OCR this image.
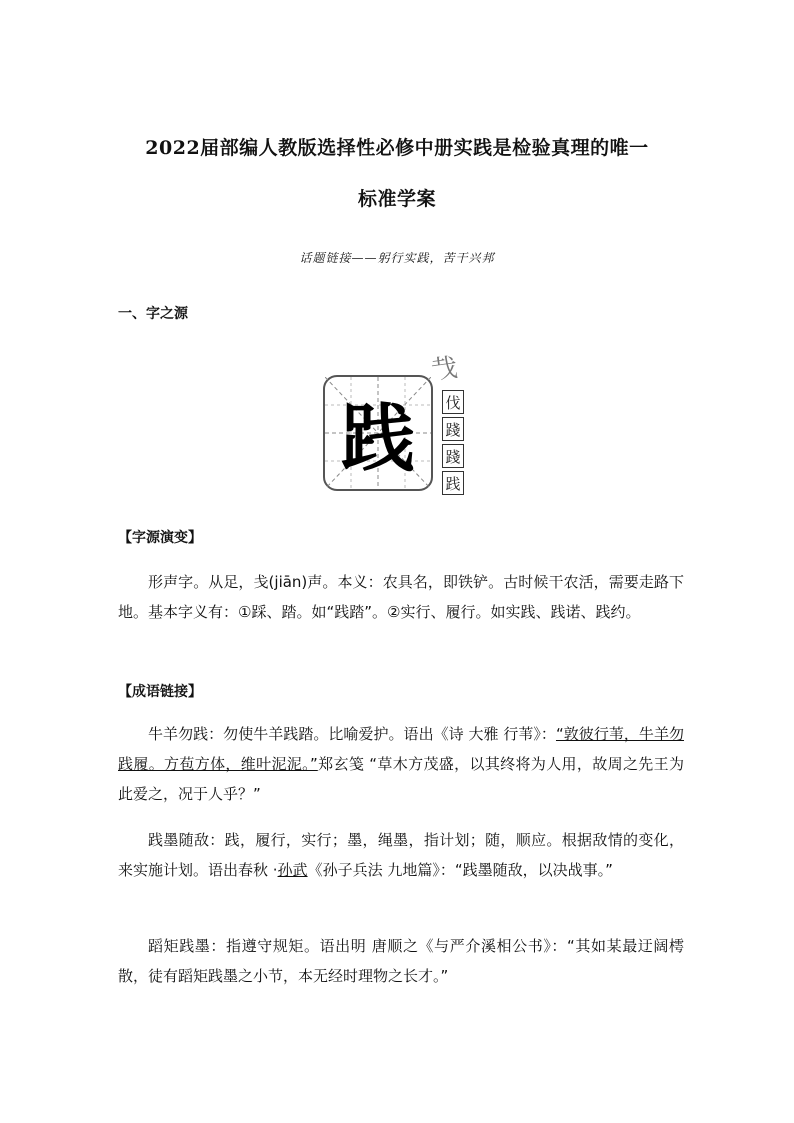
2022届部编人教版选择性必修中册实践是检验真理的唯一
标准学案
话题链接——躬行实践，苦干兴邦
一、字之源
践
𢦏
伐
踐
踐
践
【字源演变】

形声字。从足，戋(jiān)声。本义：农具名，即铁铲。古时候干农活，需要走路下地。基本字义有：①踩、踏。如“践踏”。②实行、履行。如实践、践诺、践约。

【成语链接】

牛羊勿践：勿使牛羊践踏。比喻爱护。语出《诗 大雅 行苇》：“敦彼行苇，牛羊勿践履。方苞方体，维叶泥泥。”郑玄笺 “草木方茂盛，以其终将为人用，故周之先王为此爱之，况于人乎？”

践墨随敌：践，履行，实行；墨，绳墨，指计划；随，顺应。根据敌情的变化，来实施计划。语出春秋 ·孙武《孙子兵法 九地篇》：“践墨随敌，以决战事。”

蹈矩践墨：指遵守规矩。语出明 唐顺之《与严介溪相公书》：“其如某最迂阔樗散，徒有蹈矩践墨之小节，本无经时理物之长才。”
